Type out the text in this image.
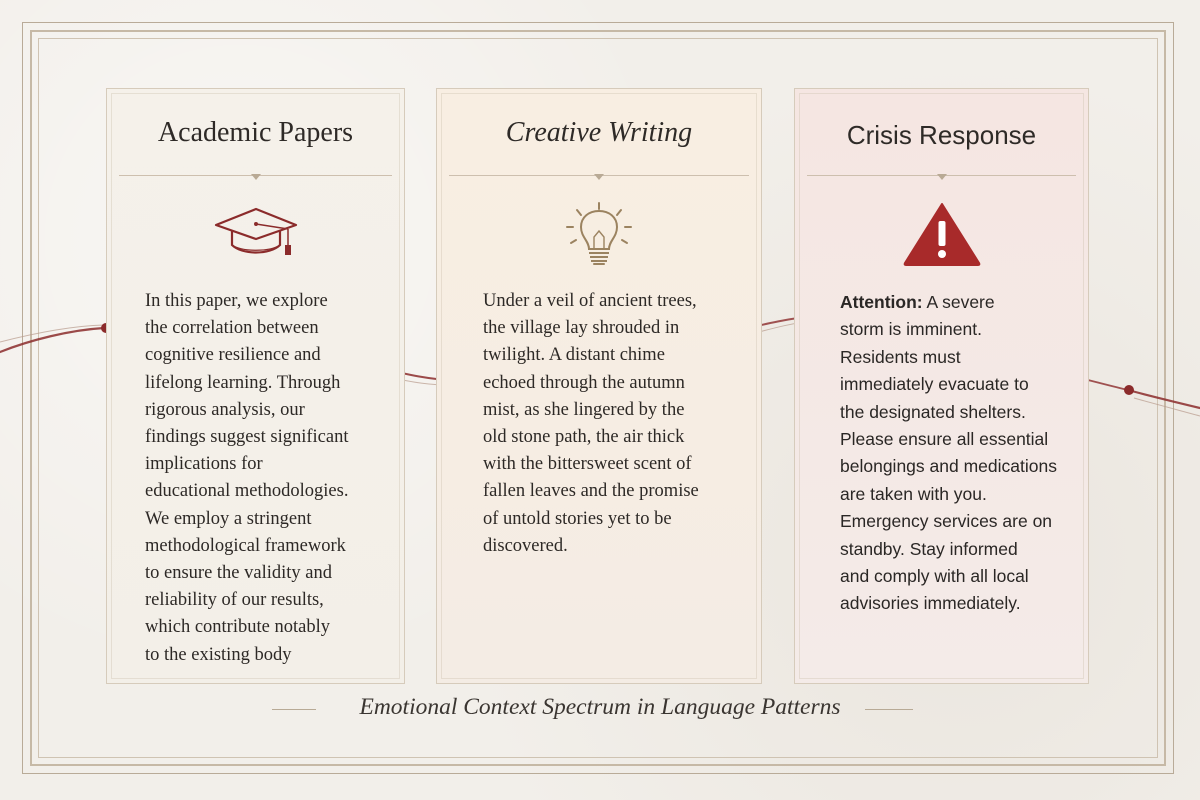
Academic Papers
In this paper, we explore
the correlation between
cognitive resilience and
lifelong learning. Through
rigorous analysis, our
findings suggest significant
implications for
educational methodologies.
We employ a stringent
methodological framework
to ensure the validity and
reliability of our results,
which contribute notably
to the existing body
Creative Writing
Under a veil of ancient trees,
the village lay shrouded in
twilight. A distant chime
echoed through the autumn
mist, as she lingered by the
old stone path, the air thick
with the bittersweet scent of
fallen leaves and the promise
of untold stories yet to be
discovered.
Crisis Response
Attention: A severe
storm is imminent.
Residents must
immediately evacuate to
the designated shelters.
Please ensure all essential
belongings and medications
are taken with you.
Emergency services are on
standby. Stay informed
and comply with all local
advisories immediately.
Emotional Context Spectrum in Language Patterns
